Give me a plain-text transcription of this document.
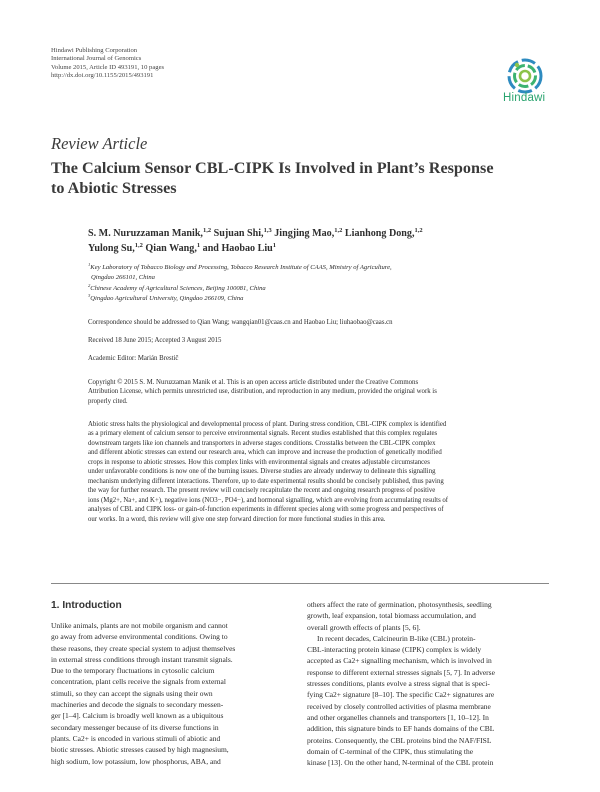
Hindawi Publishing Corporation
International Journal of Genomics
Volume 2015, Article ID 493191, 10 pages
http://dx.doi.org/10.1155/2015/493191
Hindawi
Review Article
The Calcium Sensor CBL-CIPK Is Involved in Plant’s Response
to Abiotic Stresses
S. M. Nuruzzaman Manik,$^{1,2}$ Sujuan Shi,$^{1,3}$ Jingjing Mao,$^{1,2}$ Lianhong Dong,$^{1,2}$
Yulong Su,$^{1,2}$ Qian Wang,$^1$ and Haobao Liu$^1$
$^1$Key Laboratory of Tobacco Biology and Processing, Tobacco Research Institute of CAAS, Ministry of Agriculture,
Qingdao 266101, China
$^2$Chinese Academy of Agricultural Sciences, Beijing 100081, China
$^3$Qingdao Agricultural University, Qingdao 266109, China
Correspondence should be addressed to Qian Wang; wangqian01@caas.cn and Haobao Liu; liuhaobao@caas.cn
Received 18 June 2015; Accepted 3 August 2015
Academic Editor: Marián Brestič
Copyright © 2015 S. M. Nuruzzaman Manik et al. This is an open access article distributed under the Creative Commons
Attribution License, which permits unrestricted use, distribution, and reproduction in any medium, provided the original work is
properly cited.
Abiotic stress halts the physiological and developmental process of plant. During stress condition, CBL-CIPK complex is identified
as a primary element of calcium sensor to perceive environmental signals. Recent studies established that this complex regulates
downstream targets like ion channels and transporters in adverse stages conditions. Crosstalks between the CBL-CIPK complex
and different abiotic stresses can extend our research area, which can improve and increase the production of genetically modified
crops in response to abiotic stresses. How this complex links with environmental signals and creates adjustable circumstances
under unfavorable conditions is now one of the burning issues. Diverse studies are already underway to delineate this signalling
mechanism underlying different interactions. Therefore, up to date experimental results should be concisely published, thus paving
the way for further research. The present review will concisely recapitulate the recent and ongoing research progress of positive
ions (Mg2+, Na+, and K+), negative ions (NO3−, PO4−), and hormonal signalling, which are evolving from accumulating results of
analyses of CBL and CIPK loss- or gain-of-function experiments in different species along with some progress and perspectives of
our works. In a word, this review will give one step forward direction for more functional studies in this area.
1. Introduction

Unlike animals, plants are not mobile organism and cannot

go away from adverse environmental conditions. Owing to

these reasons, they create special system to adjust themselves

in external stress conditions through instant transmit signals.

Due to the temporary fluctuations in cytosolic calcium

concentration, plant cells receive the signals from external

stimuli, so they can accept the signals using their own

machineries and decode the signals to secondary messen-

ger [1–4]. Calcium is broadly well known as a ubiquitous

secondary messenger because of its diverse functions in

plants. Ca2+ is encoded in various stimuli of abiotic and

biotic stresses. Abiotic stresses caused by high magnesium,

high sodium, low potassium, low phosphorus, ABA, and

others affect the rate of germination, photosynthesis, seedling

growth, leaf expansion, total biomass accumulation, and

overall growth effects of plants [5, 6].

In recent decades, Calcineurin B-like (CBL) protein-

CBL-interacting protein kinase (CIPK) complex is widely

accepted as Ca2+ signalling mechanism, which is involved in

response to different external stresses signals [5, 7]. In adverse

stresses conditions, plants evolve a stress signal that is speci-

fying Ca2+ signature [8–10]. The specific Ca2+ signatures are

received by closely controlled activities of plasma membrane

and other organelles channels and transporters [1, 10–12]. In

addition, this signature binds to EF hands domains of the CBL

proteins. Consequently, the CBL proteins bind the NAF/FISL

domain of C-terminal of the CIPK, thus stimulating the

kinase [13]. On the other hand, N-terminal of the CBL protein
